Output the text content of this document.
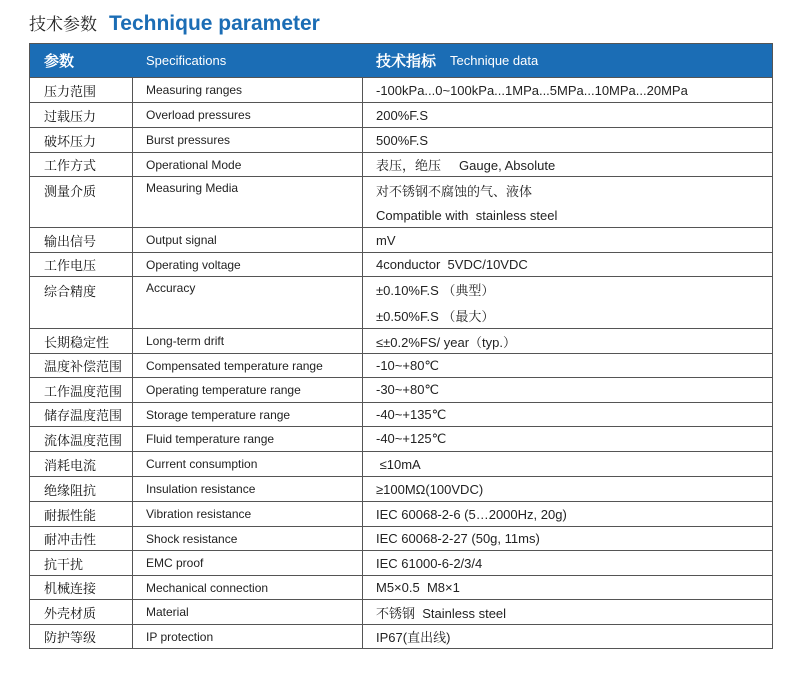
技术参数 Technique parameter
参数	Specifications	技术指标 Technique data
压力范围	Measuring ranges	-100kPa...0~100kPa...1MPa...5MPa...10MPa...20MPa
过载压力	Overload pressures	200%F.S
破坏压力	Burst pressures	500%F.S
工作方式	Operational Mode	表压，绝压     Gauge, Absolute
测量介质	Measuring Media	对不锈钢不腐蚀的气、液体
Compatible with  stainless steel
输出信号	Output signal	mV
工作电压	Operating voltage	4conductor  5VDC/10VDC
综合精度	Accuracy	±0.10%F.S （典型）
±0.50%F.S （最大）
长期稳定性	Long-term drift	≤±0.2%FS/ year（typ.）
温度补偿范围	Compensated temperature range	-10~+80℃
工作温度范围	Operating temperature range	-30~+80℃
储存温度范围	Storage temperature range	-40~+135℃
流体温度范围	Fluid temperature range	-40~+125℃
消耗电流	Current consumption	≤10mA
绝缘阻抗	Insulation resistance	≥100MΩ(100VDC)
耐振性能	Vibration resistance	IEC 60068-2-6 (5…2000Hz, 20g)
耐冲击性	Shock resistance	IEC 60068-2-27 (50g, 11ms)
抗干扰	EMC proof	IEC 61000-6-2/3/4
机械连接	Mechanical connection	M5×0.5  M8×1
外壳材质	Material	不锈钢  Stainless steel
防护等级	IP protection	IP67(直出线)
